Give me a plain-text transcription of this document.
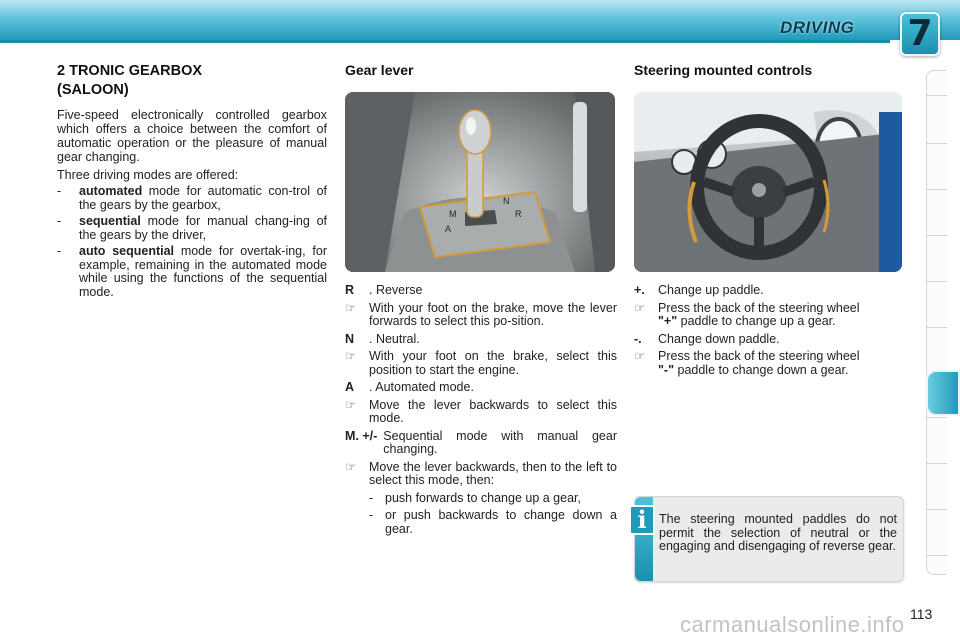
DRIVING 7
2 TRONIC GEARBOX
(SALOON)
Five-speed electronically controlled gearbox which offers a choice between the comfort of automatic operation or the pleasure of manual gear changing.
Three driving modes are offered:
-	automated mode for automatic con-trol of the gears by the gearbox,
-	sequential mode for manual chang-ing of the gears by the driver,
-	auto sequential mode for overtak-ing, for example, remaining in the automated mode while using the functions of the sequential mode.
Gear lever
A
N
R
M
R	. Reverse
☞	With your foot on the brake, move the lever forwards to select this po-sition.
N	. Neutral.
☞	With your foot on the brake, select this position to start the engine.
A	. Automated mode.
☞	Move the lever backwards to select this mode.
M. +/- Sequential mode with manual gear changing.
☞	Move the lever backwards, then to the left to select this mode, then:
- push forwards to change up a gear,
- or push backwards to change down a gear.
Steering mounted controls
+.	Change up paddle.
☞	Press the back of the steering wheel
"+" paddle to change up a gear.
-.	Change down paddle.
☞	Press the back of the steering wheel
"-" paddle to change down a gear.
i The steering mounted paddles do not permit the selection of neutral or the engaging and disengaging of reverse gear.
carmanualsonline.info 113
